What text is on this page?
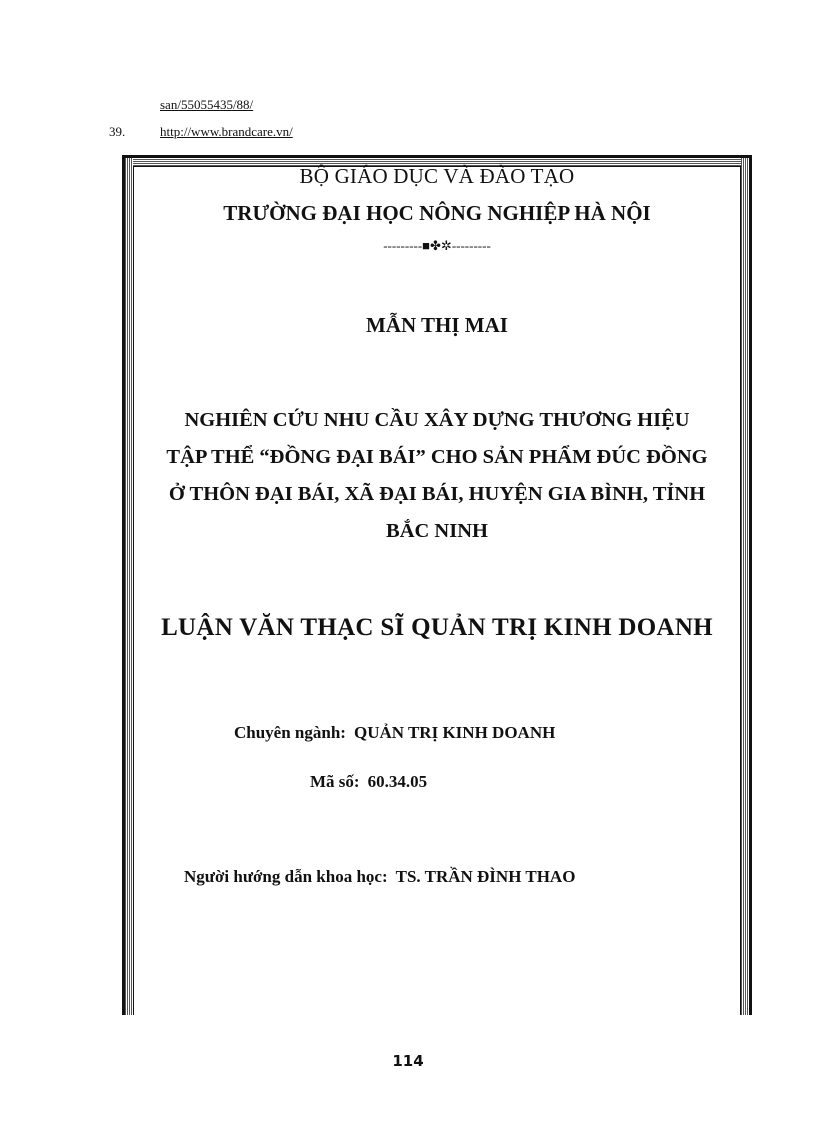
san/55055435/88/
39.	http://www.brandcare.vn/
BỘ GIÁO DỤC VÀ ĐÀO TẠO
TRƯỜNG ĐẠI HỌC NÔNG NGHIỆP HÀ NỘI
---------■✤✲---------
MẪN THỊ MAI
NGHIÊN CỨU NHU CẦU XÂY DỰNG THƯƠNG HIỆU
TẬP THỂ “ĐỒNG ĐẠI BÁI” CHO SẢN PHẨM ĐÚC ĐỒNG
Ở THÔN ĐẠI BÁI, XÃ ĐẠI BÁI, HUYỆN GIA BÌNH, TỈNH
BẮC NINH
LUẬN VĂN THẠC SĨ QUẢN TRỊ KINH DOANH
Chuyên ngành: QUẢN TRỊ KINH DOANH
Mã số: 60.34.05
Người hướng dẫn khoa học: TS. TRẦN ĐÌNH THAO
114
